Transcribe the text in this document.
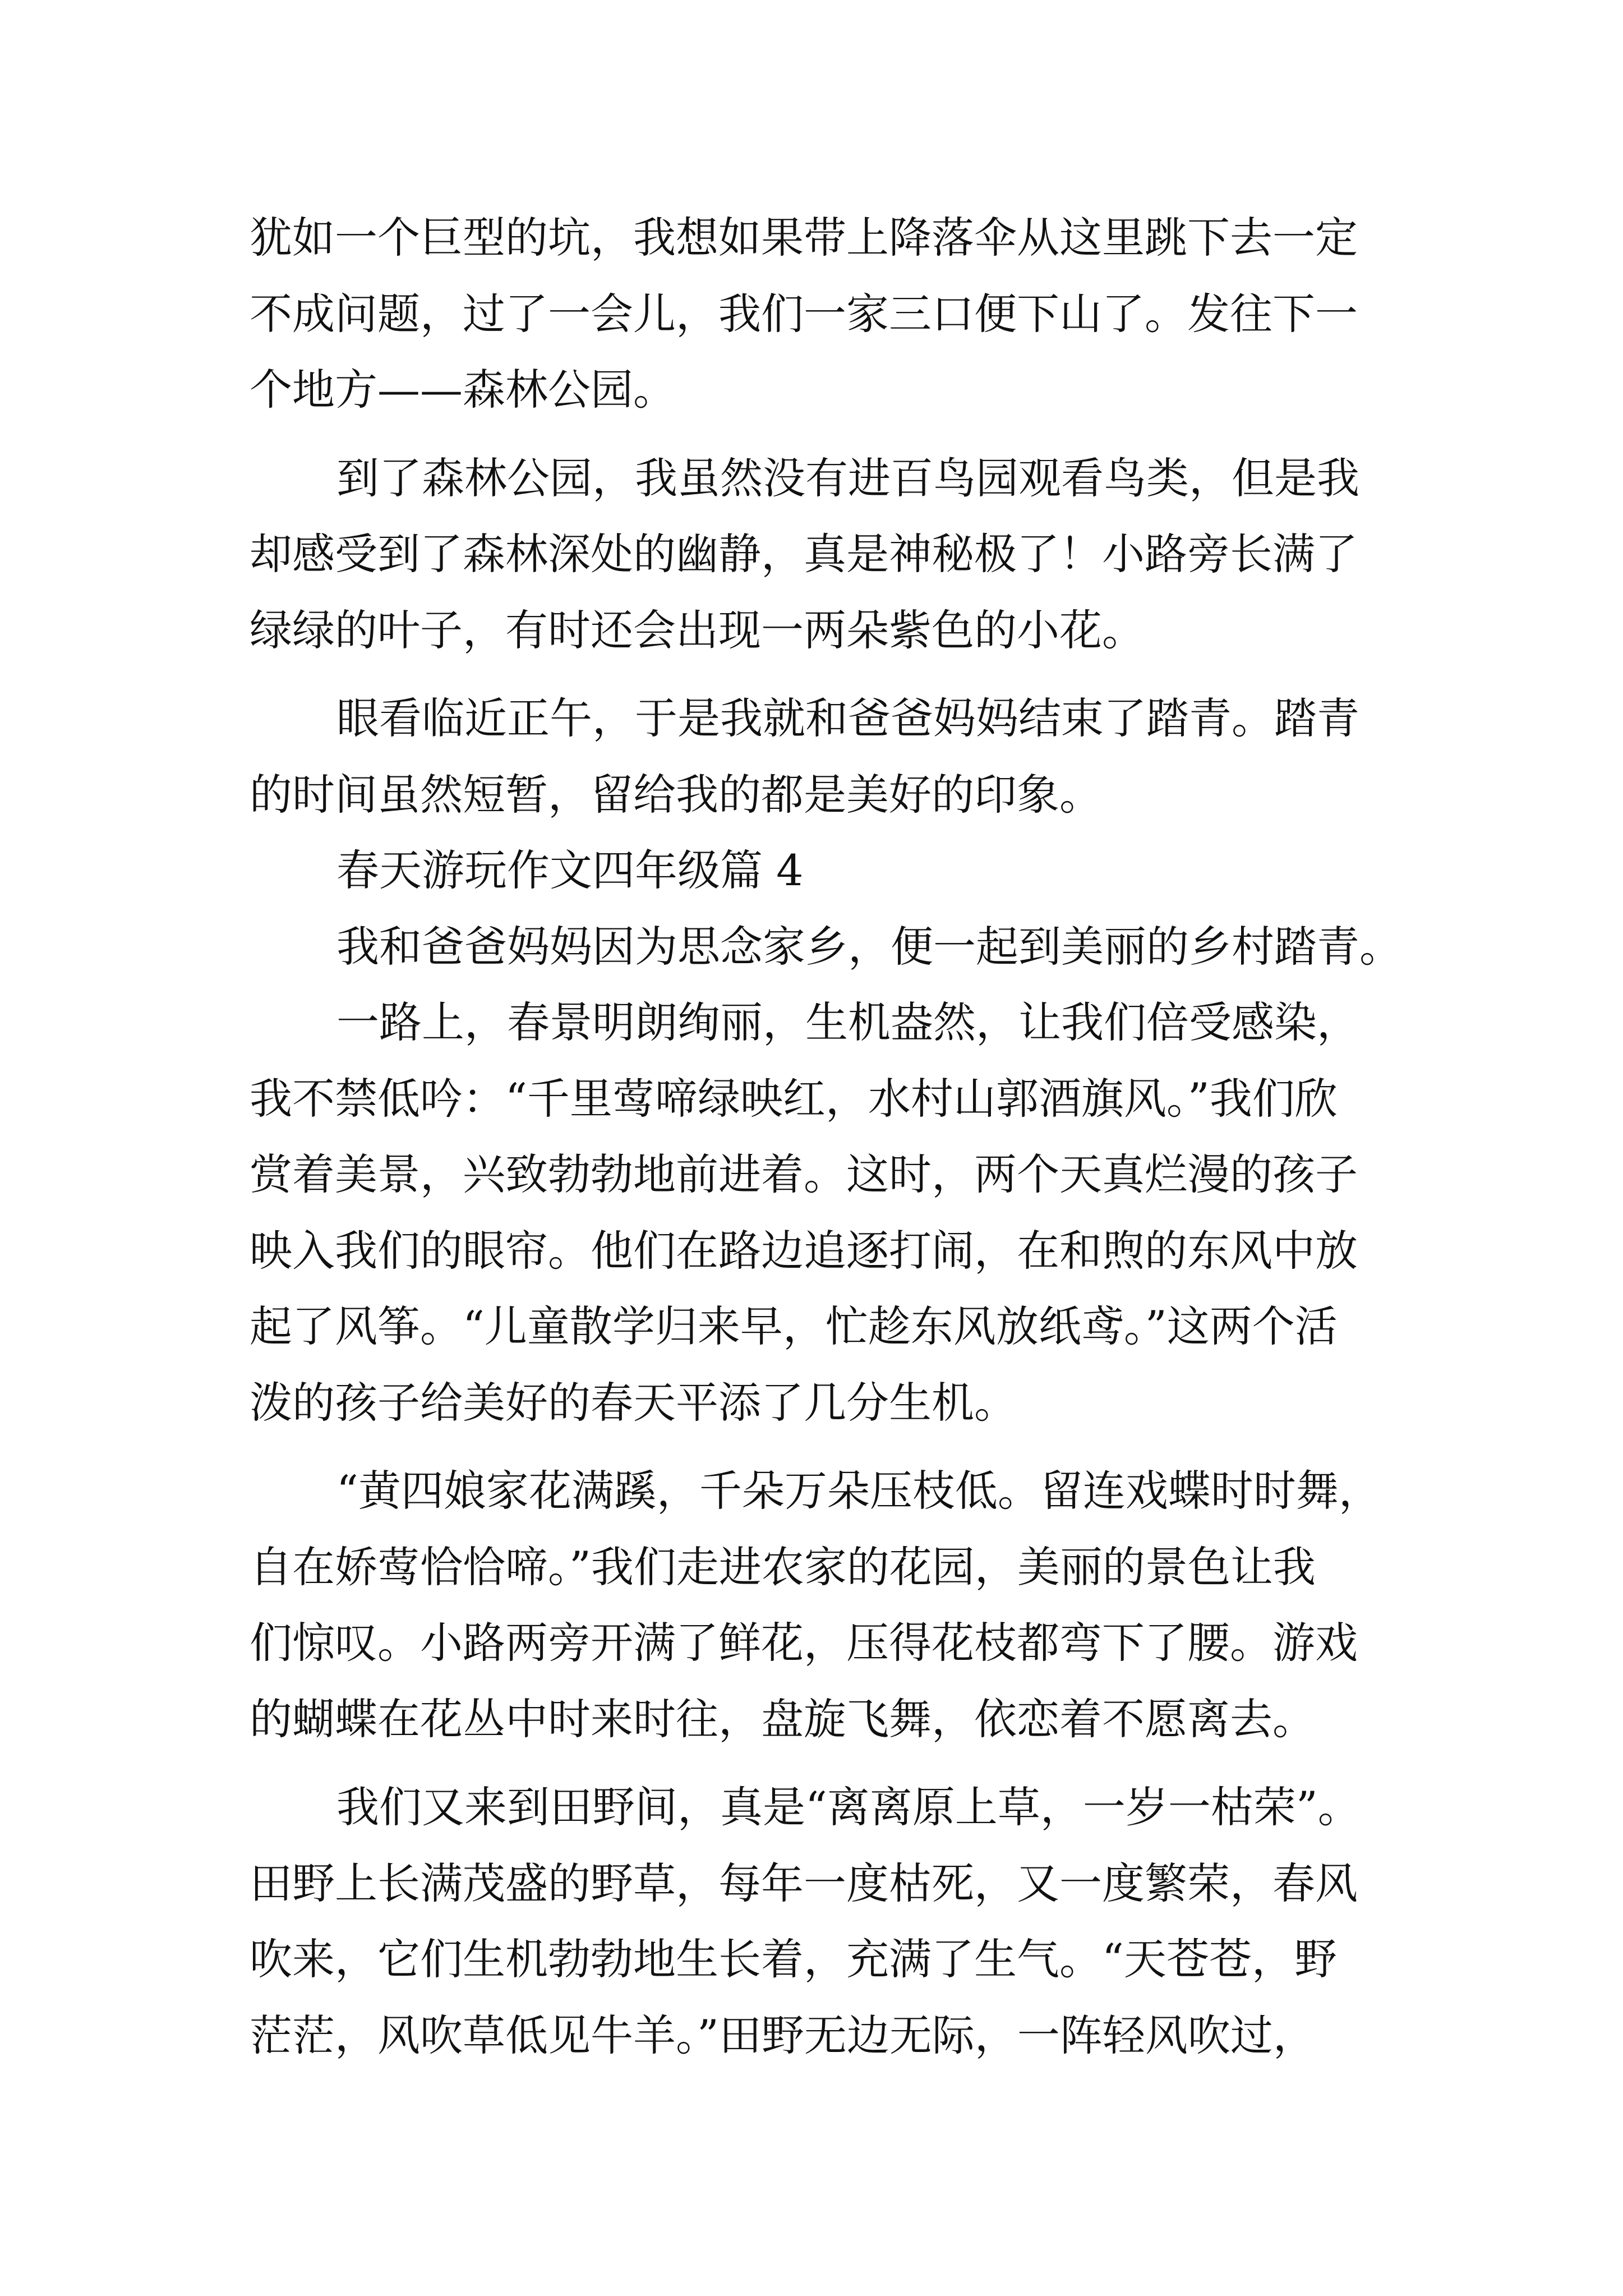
犹如一个巨型的坑，我想如果带上降落伞从这里跳下去一定
不成问题，过了一会儿，我们一家三口便下山了。发往下一
个地方——森林公园。
到了森林公园，我虽然没有进百鸟园观看鸟类，但是我
却感受到了森林深处的幽静，真是神秘极了！小路旁长满了
绿绿的叶子，有时还会出现一两朵紫色的小花。
眼看临近正午，于是我就和爸爸妈妈结束了踏青。踏青
的时间虽然短暂，留给我的都是美好的印象。
春天游玩作文四年级篇 4
我和爸爸妈妈因为思念家乡，便一起到美丽的乡村踏青。
一路上，春景明朗绚丽，生机盎然，让我们倍受感染，
我不禁低吟：“千里莺啼绿映红，水村山郭酒旗风。”我们欣
赏着美景，兴致勃勃地前进着。这时，两个天真烂漫的孩子
映入我们的眼帘。他们在路边追逐打闹，在和煦的东风中放
起了风筝。“儿童散学归来早，忙趁东风放纸鸢。”这两个活
泼的孩子给美好的春天平添了几分生机。
“黄四娘家花满蹊，千朵万朵压枝低。留连戏蝶时时舞，
自在娇莺恰恰啼。”我们走进农家的花园，美丽的景色让我
们惊叹。小路两旁开满了鲜花，压得花枝都弯下了腰。游戏
的蝴蝶在花丛中时来时往，盘旋飞舞，依恋着不愿离去。
我们又来到田野间，真是“离离原上草，一岁一枯荣”。
田野上长满茂盛的野草，每年一度枯死，又一度繁荣，春风
吹来，它们生机勃勃地生长着，充满了生气。“天苍苍，野
茫茫，风吹草低见牛羊。”田野无边无际，一阵轻风吹过，
